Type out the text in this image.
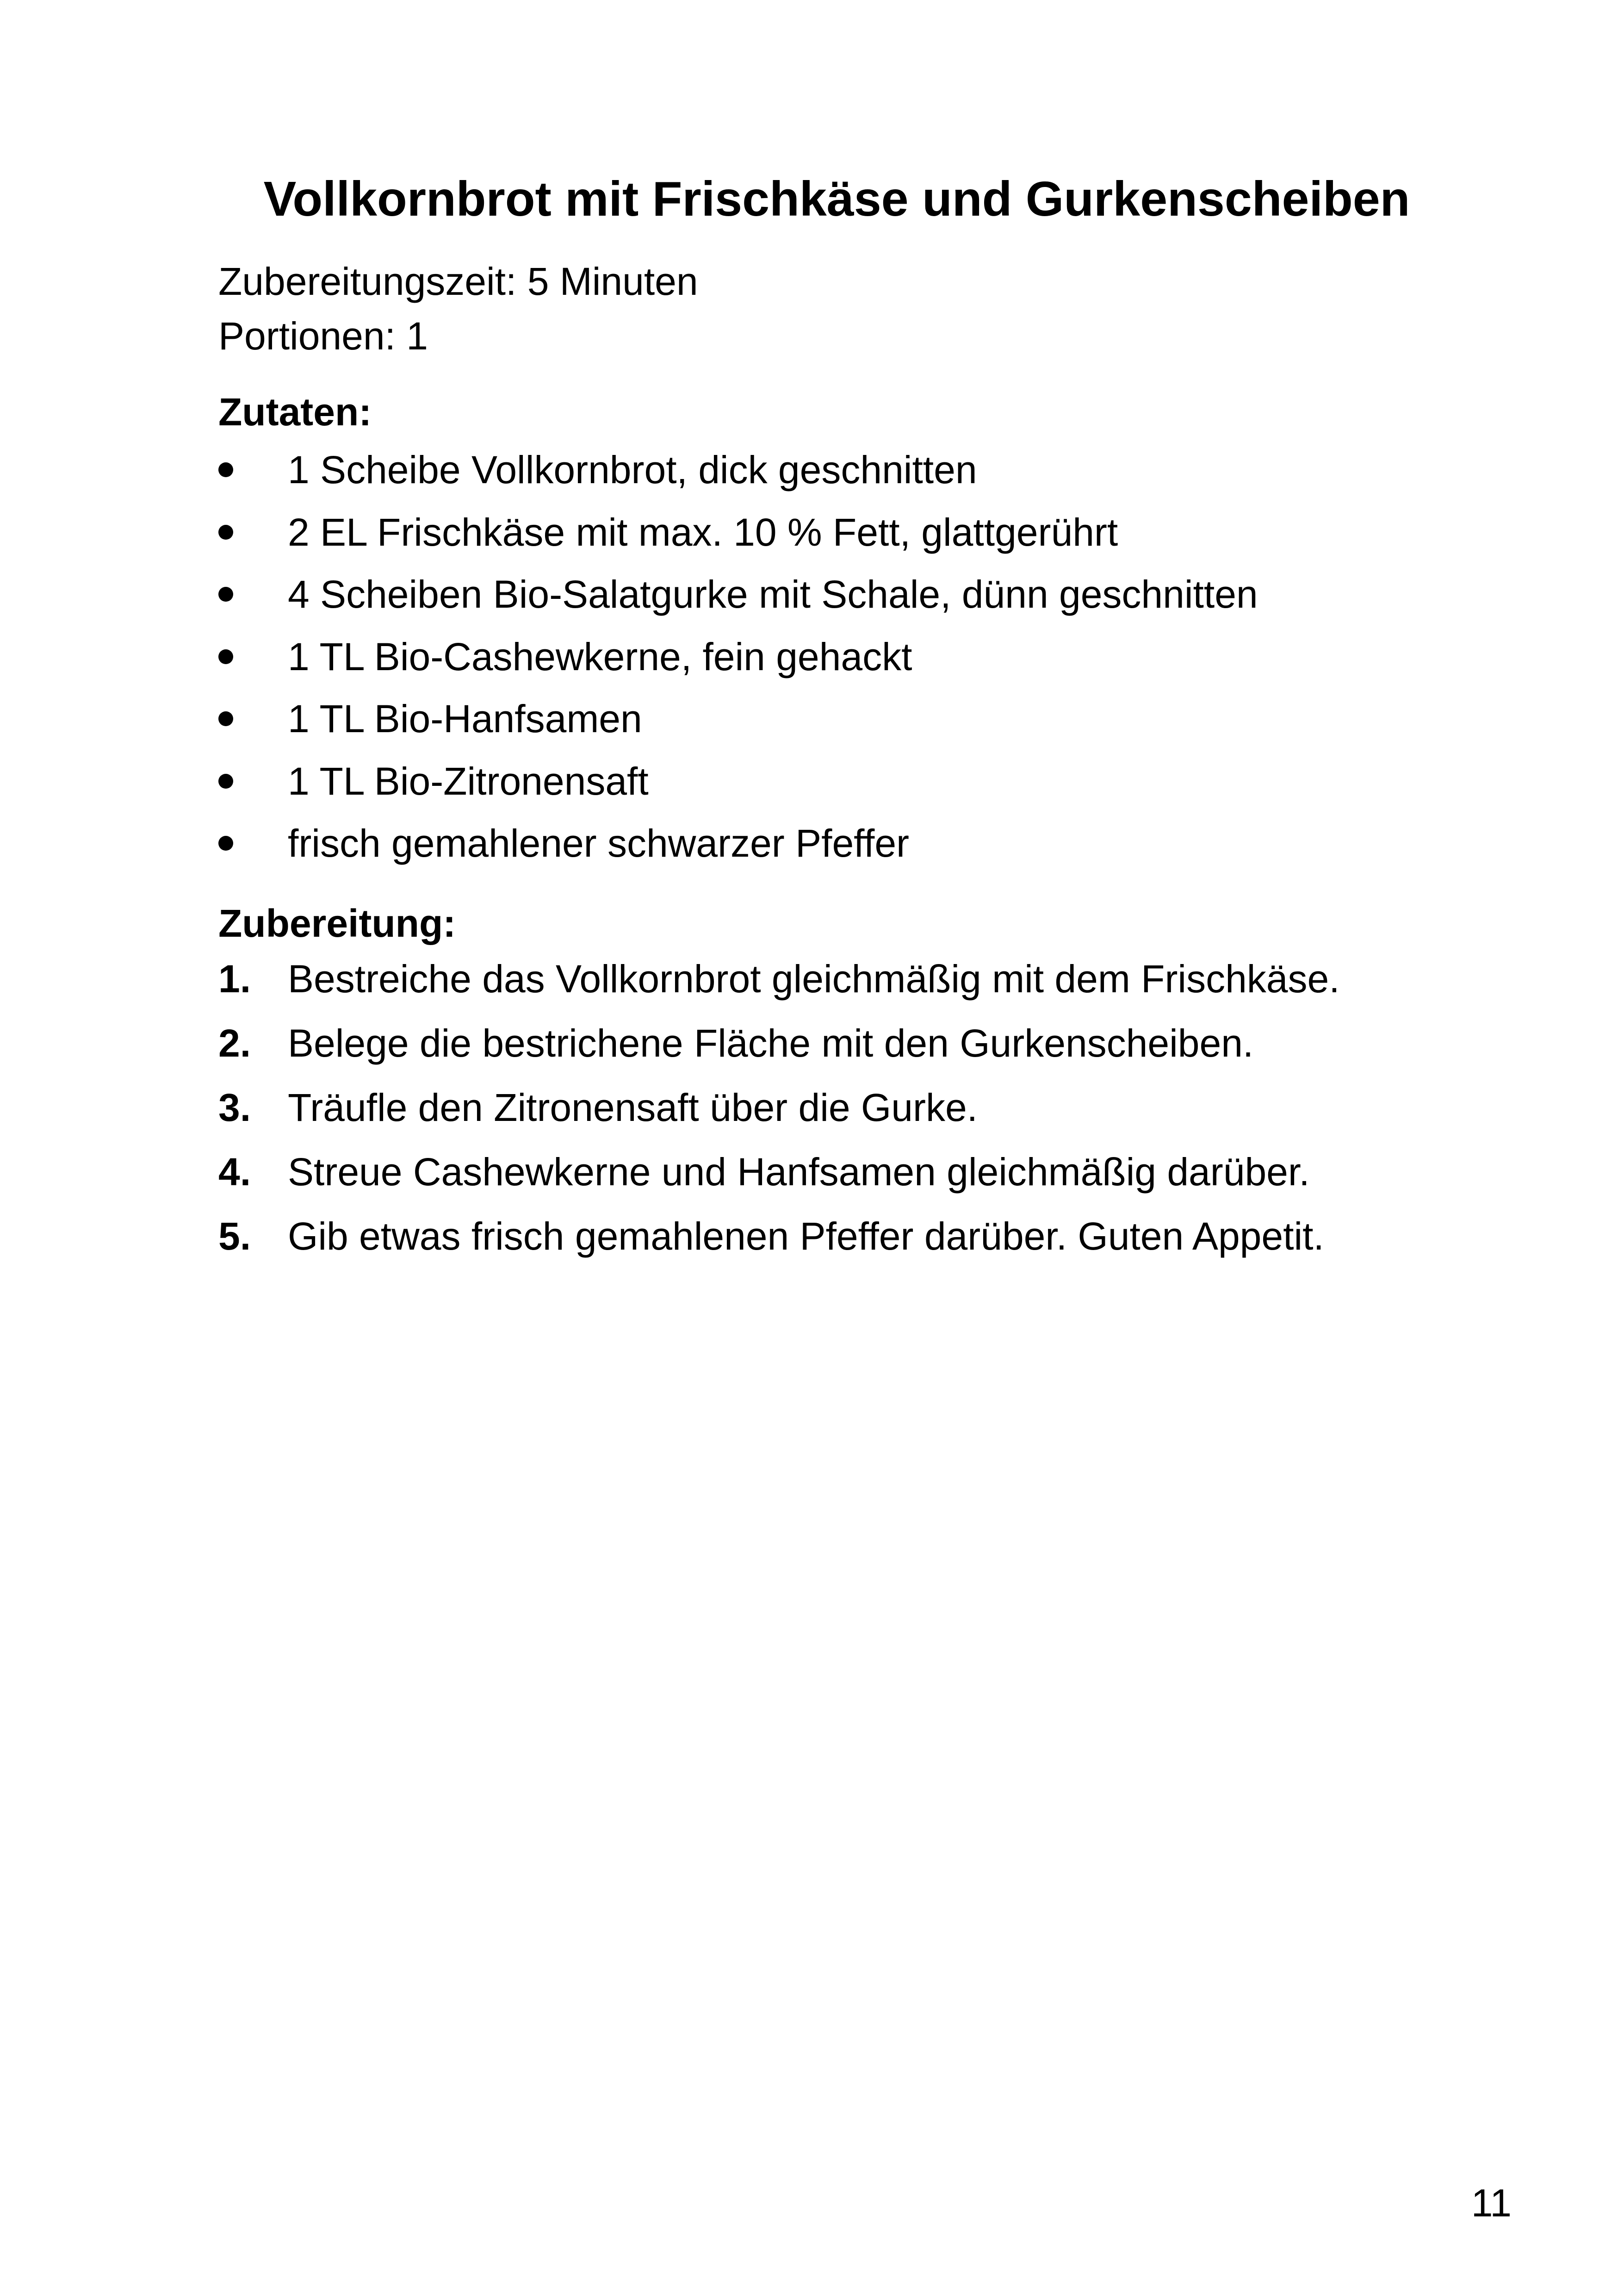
Vollkornbrot mit Frischkäse und Gurkenscheiben
Zubereitungszeit: 5 Minuten
Portionen: 1
Zutaten:
1 Scheibe Vollkornbrot, dick geschnitten
2 EL Frischkäse mit max. 10 % Fett, glattgerührt
4 Scheiben Bio-Salatgurke mit Schale, dünn geschnitten
1 TL Bio-Cashewkerne, fein gehackt
1 TL Bio-Hanfsamen
1 TL Bio-Zitronensaft
frisch gemahlener schwarzer Pfeffer
Zubereitung:
1. Bestreiche das Vollkornbrot gleichmäßig mit dem Frischkäse.
2. Belege die bestrichene Fläche mit den Gurkenscheiben.
3. Träufle den Zitronensaft über die Gurke.
4. Streue Cashewkerne und Hanfsamen gleichmäßig darüber.
5. Gib etwas frisch gemahlenen Pfeffer darüber. Guten Appetit.
11
